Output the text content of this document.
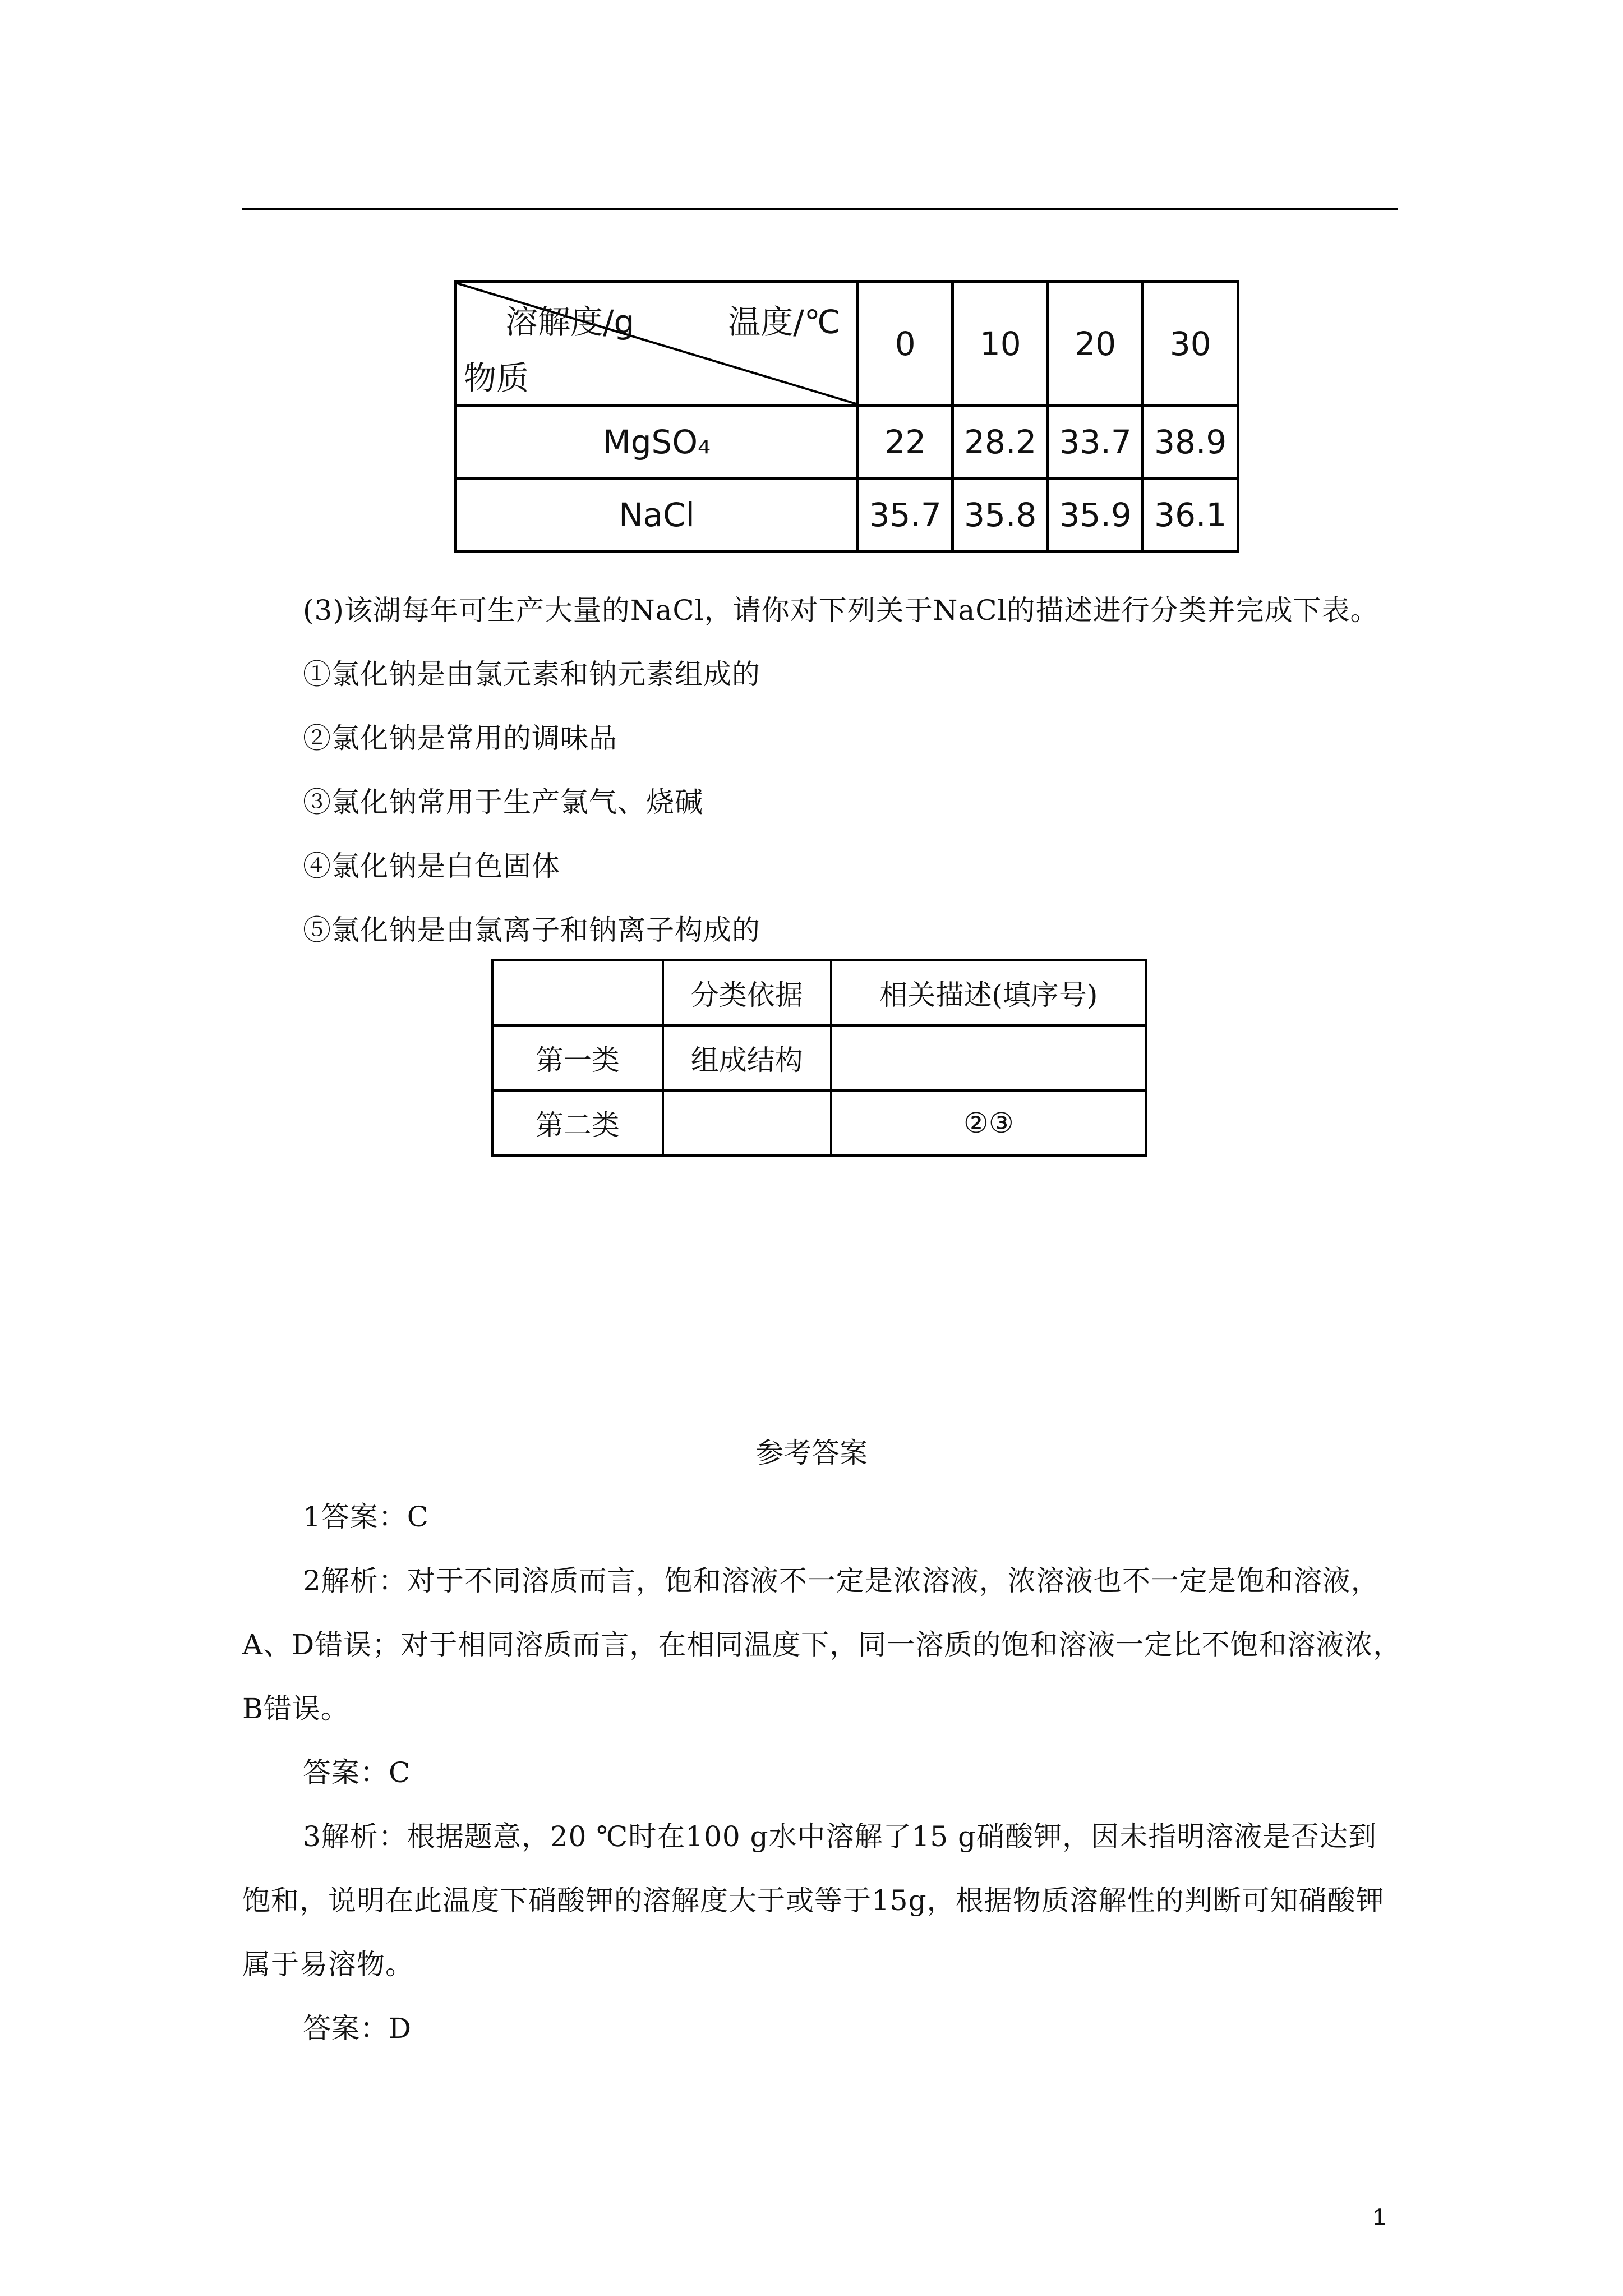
溶解度/g 温度/℃
物质	0	10	20	30
MgSO₄	22	28.2	33.7	38.9
NaCl	35.7	35.8	35.9	36.1
(3)该湖每年可生产大量的NaCl，请你对下列关于NaCl的描述进行分类并完成下表。
①氯化钠是由氯元素和钠元素组成的
②氯化钠是常用的调味品
③氯化钠常用于生产氯气、烧碱
④氯化钠是白色固体
⑤氯化钠是由氯离子和钠离子构成的
	分类依据	相关描述(填序号)
第一类	组成结构	
第二类		②③
参考答案
1答案：C
2解析：对于不同溶质而言，饱和溶液不一定是浓溶液，浓溶液也不一定是饱和溶液，
A、D错误；对于相同溶质而言，在相同温度下，同一溶质的饱和溶液一定比不饱和溶液浓，
B错误。
答案：C
3解析：根据题意，20 ℃时在100 g水中溶解了15 g硝酸钾，因未指明溶液是否达到
饱和，说明在此温度下硝酸钾的溶解度大于或等于15g，根据物质溶解性的判断可知硝酸钾
属于易溶物。
答案：D
1
